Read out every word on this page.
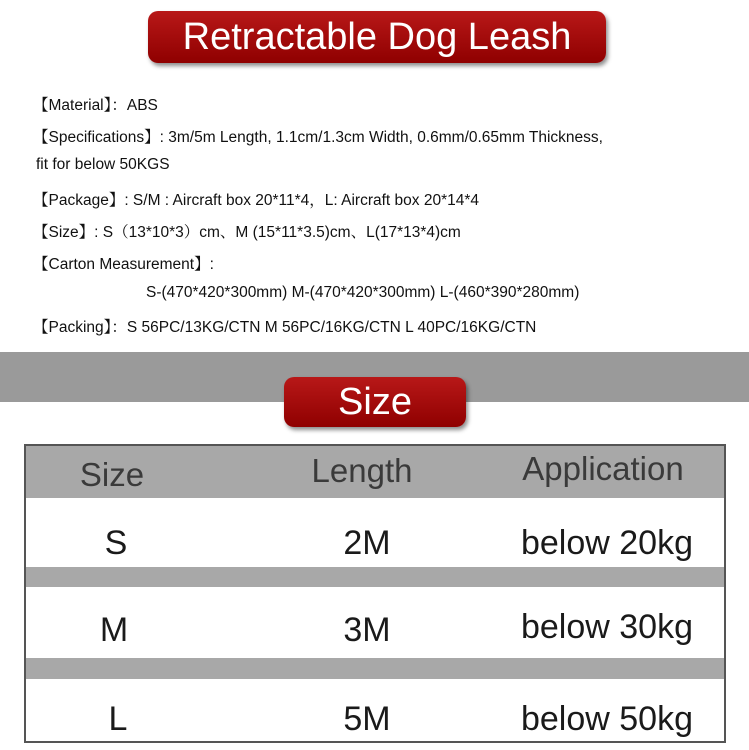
Retractable Dog Leash
【Material】：ABS
【Specifications】: 3m/5m Length, 1.1cm/1.3cm Width, 0.6mm/0.65mm Thickness,
fit for below 50KGS
【Package】: S/M : Aircraft box 20*11*4，L: Aircraft box 20*14*4
【Size】: S（13*10*3）cm、M (15*11*3.5)cm、L(17*13*4)cm
【Carton Measurement】:
S-(470*420*300mm) M-(470*420*300mm) L-(460*390*280mm)
【Packing】：S 56PC/13KG/CTN M 56PC/16KG/CTN L 40PC/16KG/CTN
Size
Size	Length	Application
S	2M	below 20kg
M	3M	below 30kg
L	5M	below 50kg
